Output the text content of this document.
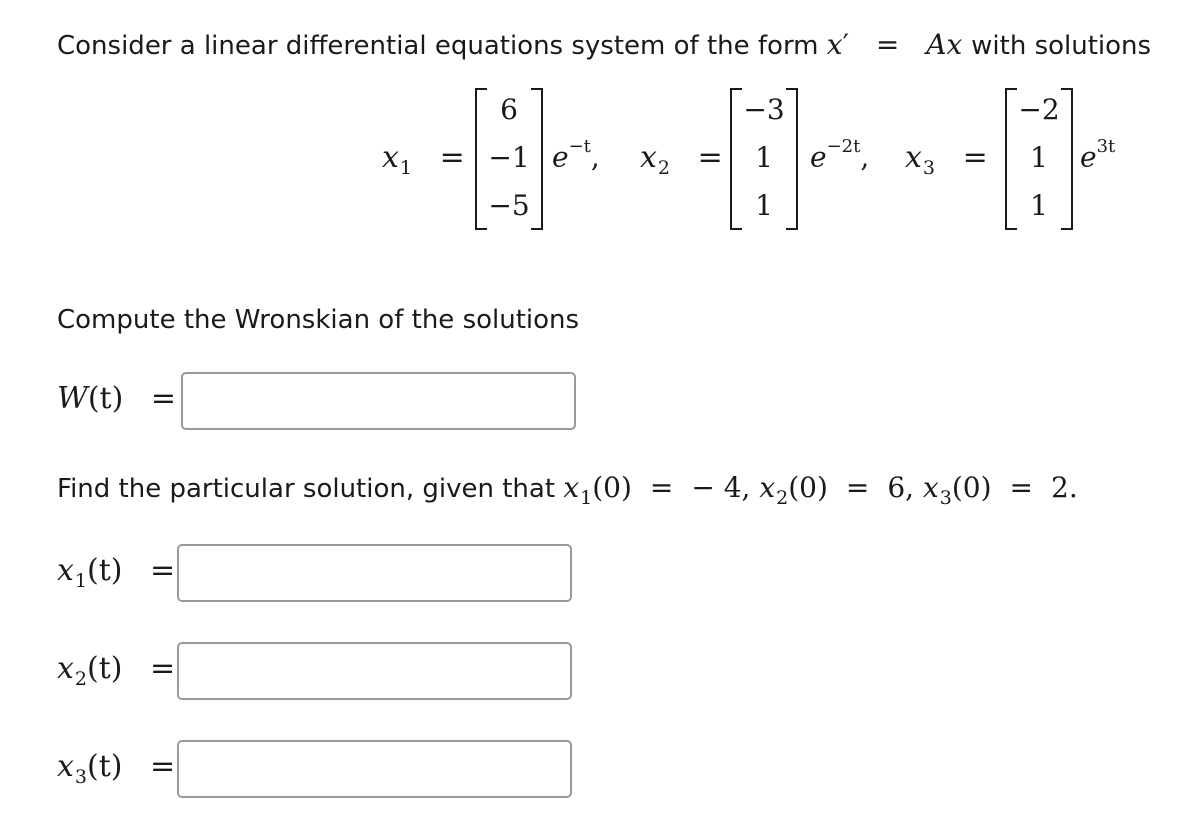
Consider a linear differential equations system of the form x′ = Ax with solutions
$x_1$ =
6
−1
−5
$e^{-t}$, $x_2$ =
−3
1
1
$e^{-2t}$, $x_3$ =
−2
1
1
$e^{3t}$
Compute the Wronskian of the solutions
W(t) =
Find the particular solution, given that $x_1(0)$ = − 4, $x_2(0) = 6$, $x_3(0) = 2$.
$x_1(t)$ =
$x_2(t)$ =
$x_3(t)$ =
